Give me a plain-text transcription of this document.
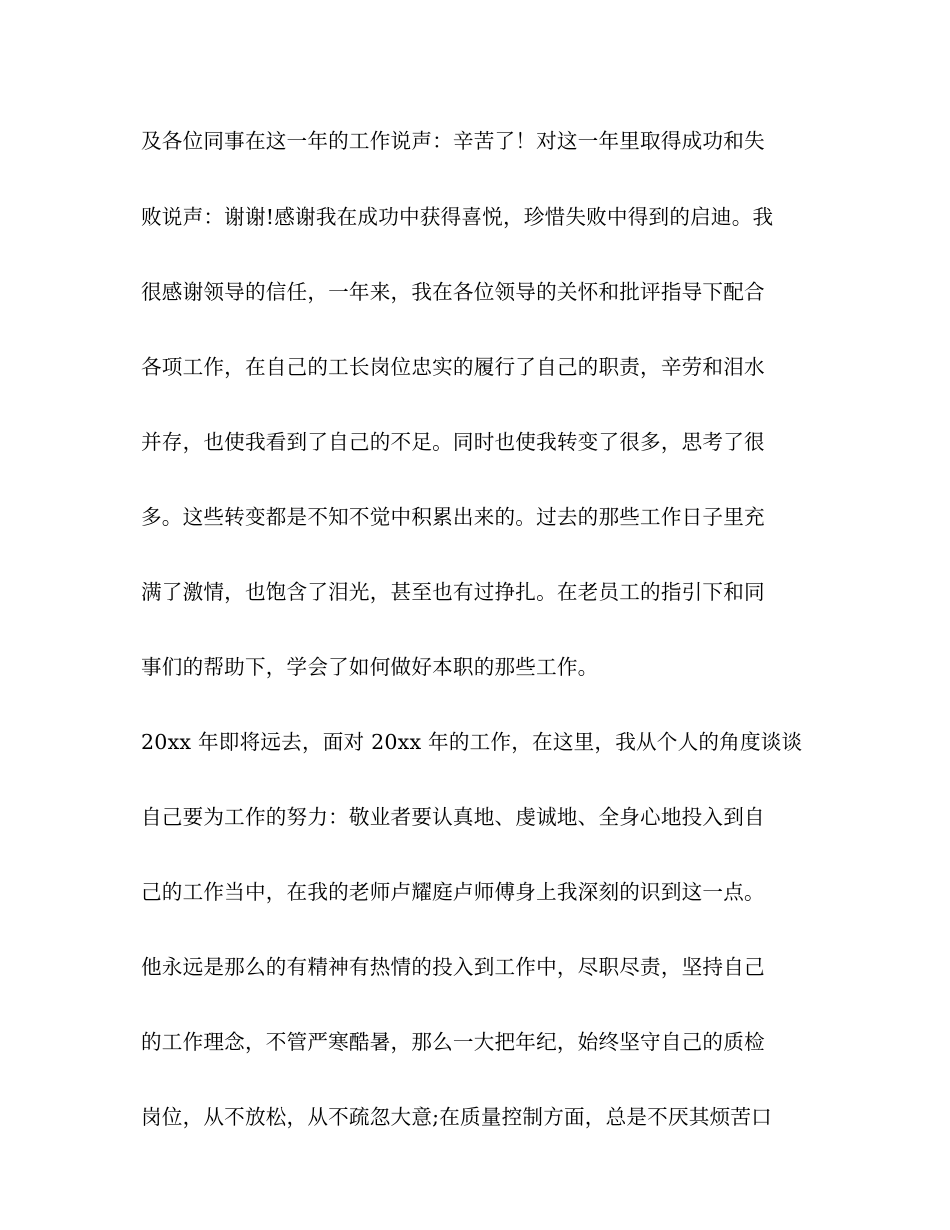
及各位同事在这一年的工作说声：辛苦了！对这一年里取得成功和失
败说声：谢谢!感谢我在成功中获得喜悦，珍惜失败中得到的启迪。我
很感谢领导的信任，一年来，我在各位领导的关怀和批评指导下配合
各项工作，在自己的工长岗位忠实的履行了自己的职责，辛劳和泪水
并存，也使我看到了自己的不足。同时也使我转变了很多，思考了很
多。这些转变都是不知不觉中积累出来的。过去的那些工作日子里充
满了激情，也饱含了泪光，甚至也有过挣扎。在老员工的指引下和同
事们的帮助下，学会了如何做好本职的那些工作。
20xx 年即将远去，面对 20xx 年的工作，在这里，我从个人的角度谈谈
自己要为工作的努力：敬业者要认真地、虔诚地、全身心地投入到自
己的工作当中，在我的老师卢耀庭卢师傅身上我深刻的识到这一点。
他永远是那么的有精神有热情的投入到工作中，尽职尽责，坚持自己
的工作理念，不管严寒酷暑，那么一大把年纪，始终坚守自己的质检
岗位，从不放松，从不疏忽大意;在质量控制方面，总是不厌其烦苦口
